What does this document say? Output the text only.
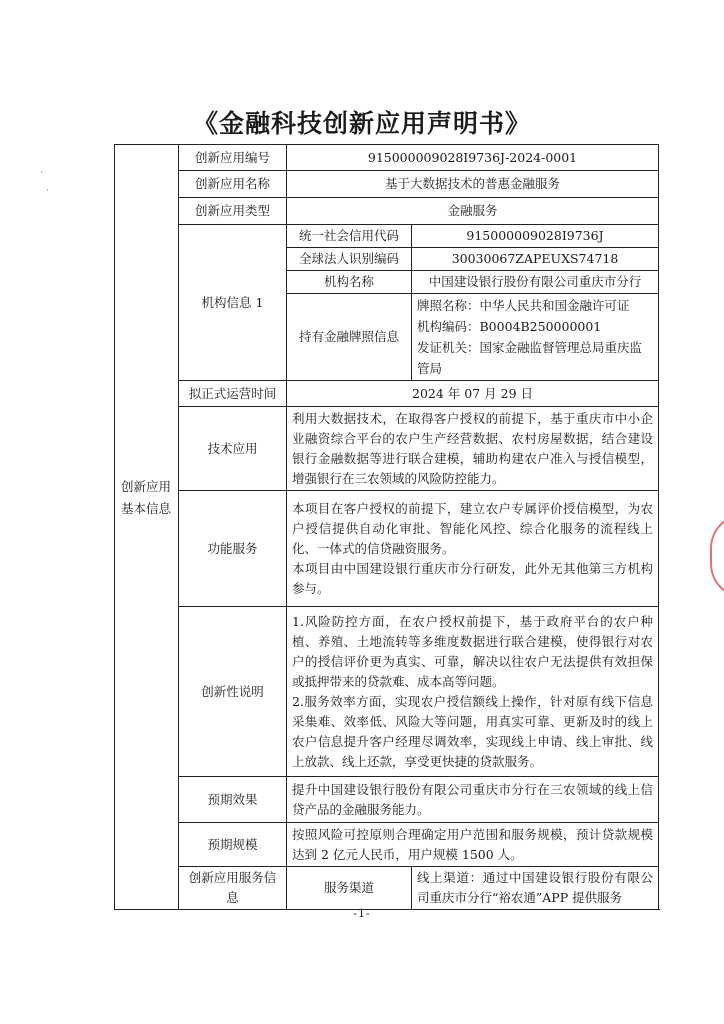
《金融科技创新应用声明书》
	创新应用编号	915000009028I9736J-2024-0001	
	创新应用名称	基于大数据技术的普惠金融服务	
	创新应用类型	金融服务	
	机构信息 1	统一社会信用代码	915000009028I9736J
		全球法人识别编码	30030067ZAPEUXS74718
		机构名称	中国建设银行股份有限公司重庆市分行
		持有金融牌照信息	牌照名称：中华人民共和国金融许可证
机构编码：B0004B250000001
发证机关：国家金融监督管理总局重庆监管局

	拟正式运营时间	2024 年 07 月 29 日	
	技术应用	利用大数据技术，在取得客户授权的前提下，基于重庆市中小企业融资综合平台的农户生产经营数据、农村房屋数据，结合建设银行金融数据等进行联合建模，辅助构建农户准入与授信模型，增强银行在三农领域的风险防控能力。	
	功能服务	本项目在客户授权的前提下，建立农户专属评价授信模型，为农户授信提供自动化审批、智能化风控、综合化服务的流程线上化、一体式的信贷融资服务。
本项目由中国建设银行重庆市分行研发，此外无其他第三方机构参与。	

	创新性说明	1.风险防控方面，在农户授权前提下，基于政府平台的农户种植、养殖、土地流转等多维度数据进行联合建模，使得银行对农户的授信评价更为真实、可靠，解决以往农户无法提供有效担保或抵押带来的贷款难、成本高等问题。
2.服务效率方面，实现农户授信额线上操作，针对原有线下信息采集难、效率低、风险大等问题，用真实可靠、更新及时的线上农户信息提升客户经理尽调效率，实现线上申请、线上审批、线上放款、线上还款，享受更快捷的贷款服务。	

	预期效果	提升中国建设银行股份有限公司重庆市分行在三农领域的线上信贷产品的金融服务能力。	
	预期规模	按照风险可控原则合理确定用户范围和服务规模，预计贷款规模达到 2 亿元人民币，用户规模 1500 人。	
	创新应用服务信息	服务渠道	线上渠道：通过中国建设银行股份有限公司重庆市分行“裕农通”APP 提供服务
创新应用基本信息
-1-
·
·
